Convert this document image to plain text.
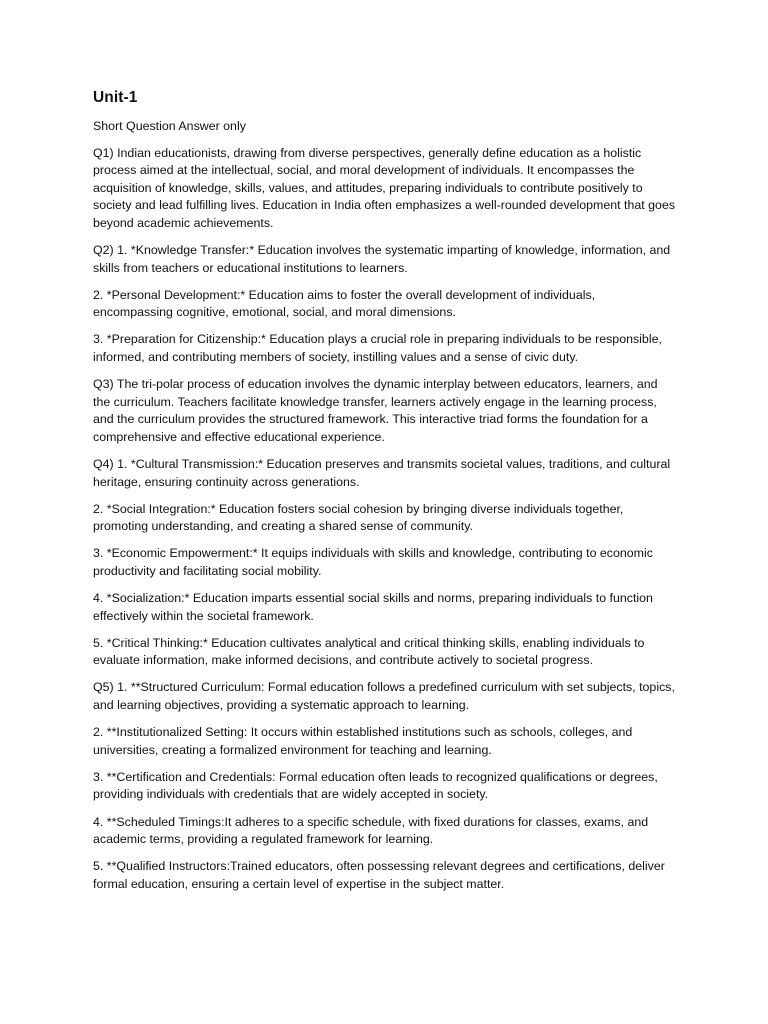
Unit-1
Short Question Answer only

Q1) Indian educationists, drawing from diverse perspectives, generally define education as a holistic process aimed at the intellectual, social, and moral development of individuals. It encompasses the acquisition of knowledge, skills, values, and attitudes, preparing individuals to contribute positively to society and lead fulfilling lives. Education in India often emphasizes a well-rounded development that goes beyond academic achievements.

Q2) 1. *Knowledge Transfer:* Education involves the systematic imparting of knowledge, information, and skills from teachers or educational institutions to learners.

2. *Personal Development:* Education aims to foster the overall development of individuals, encompassing cognitive, emotional, social, and moral dimensions.

3. *Preparation for Citizenship:* Education plays a crucial role in preparing individuals to be responsible, informed, and contributing members of society, instilling values and a sense of civic duty.

Q3) The tri-polar process of education involves the dynamic interplay between educators, learners, and the curriculum. Teachers facilitate knowledge transfer, learners actively engage in the learning process, and the curriculum provides the structured framework. This interactive triad forms the foundation for a comprehensive and effective educational experience.

Q4) 1. *Cultural Transmission:* Education preserves and transmits societal values, traditions, and cultural heritage, ensuring continuity across generations.

2. *Social Integration:* Education fosters social cohesion by bringing diverse individuals together, promoting understanding, and creating a shared sense of community.

3. *Economic Empowerment:* It equips individuals with skills and knowledge, contributing to economic productivity and facilitating social mobility.

4. *Socialization:* Education imparts essential social skills and norms, preparing individuals to function effectively within the societal framework.

5. *Critical Thinking:* Education cultivates analytical and critical thinking skills, enabling individuals to evaluate information, make informed decisions, and contribute actively to societal progress.

Q5) 1. **Structured Curriculum: Formal education follows a predefined curriculum with set subjects, topics, and learning objectives, providing a systematic approach to learning.

2. **Institutionalized Setting: It occurs within established institutions such as schools, colleges, and universities, creating a formalized environment for teaching and learning.

3. **Certification and Credentials: Formal education often leads to recognized qualifications or degrees, providing individuals with credentials that are widely accepted in society.

4. **Scheduled Timings:It adheres to a specific schedule, with fixed durations for classes, exams, and academic terms, providing a regulated framework for learning.

5. **Qualified Instructors:Trained educators, often possessing relevant degrees and certifications, deliver formal education, ensuring a certain level of expertise in the subject matter.
